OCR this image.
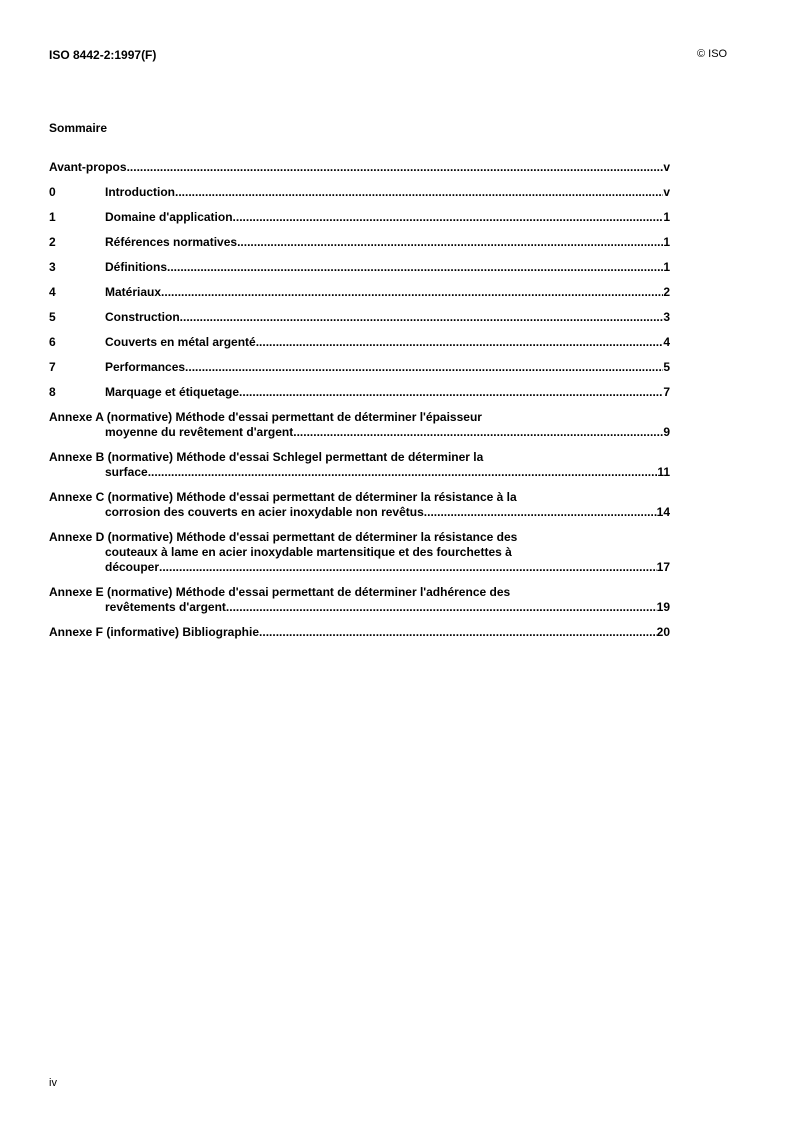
ISO 8442-2:1997(F)	© ISO
Sommaire
Avant-propos .....	v
0	Introduction .....	v
1	Domaine d'application .....	1
2	Références normatives .....	1
3	Définitions .....	1
4	Matériaux .....	2
5	Construction .....	3
6	Couverts en métal argenté .....	4
7	Performances .....	5
8	Marquage et étiquetage .....	7
Annexe A (normative) Méthode d'essai permettant de déterminer l'épaisseur
moyenne du revêtement d'argent .....	9
Annexe B (normative) Méthode d'essai Schlegel permettant de déterminer la
surface .....	11
Annexe C (normative) Méthode d'essai permettant de déterminer la résistance à la
corrosion des couverts en acier inoxydable non revêtus .....	14
Annexe D (normative) Méthode d'essai permettant de déterminer la résistance des
couteaux à lame en acier inoxydable martensitique et des fourchettes à
découper .....	17
Annexe E (normative) Méthode d'essai permettant de déterminer l'adhérence des
revêtements d'argent .....	19
Annexe F (informative) Bibliographie .....	20
iv
